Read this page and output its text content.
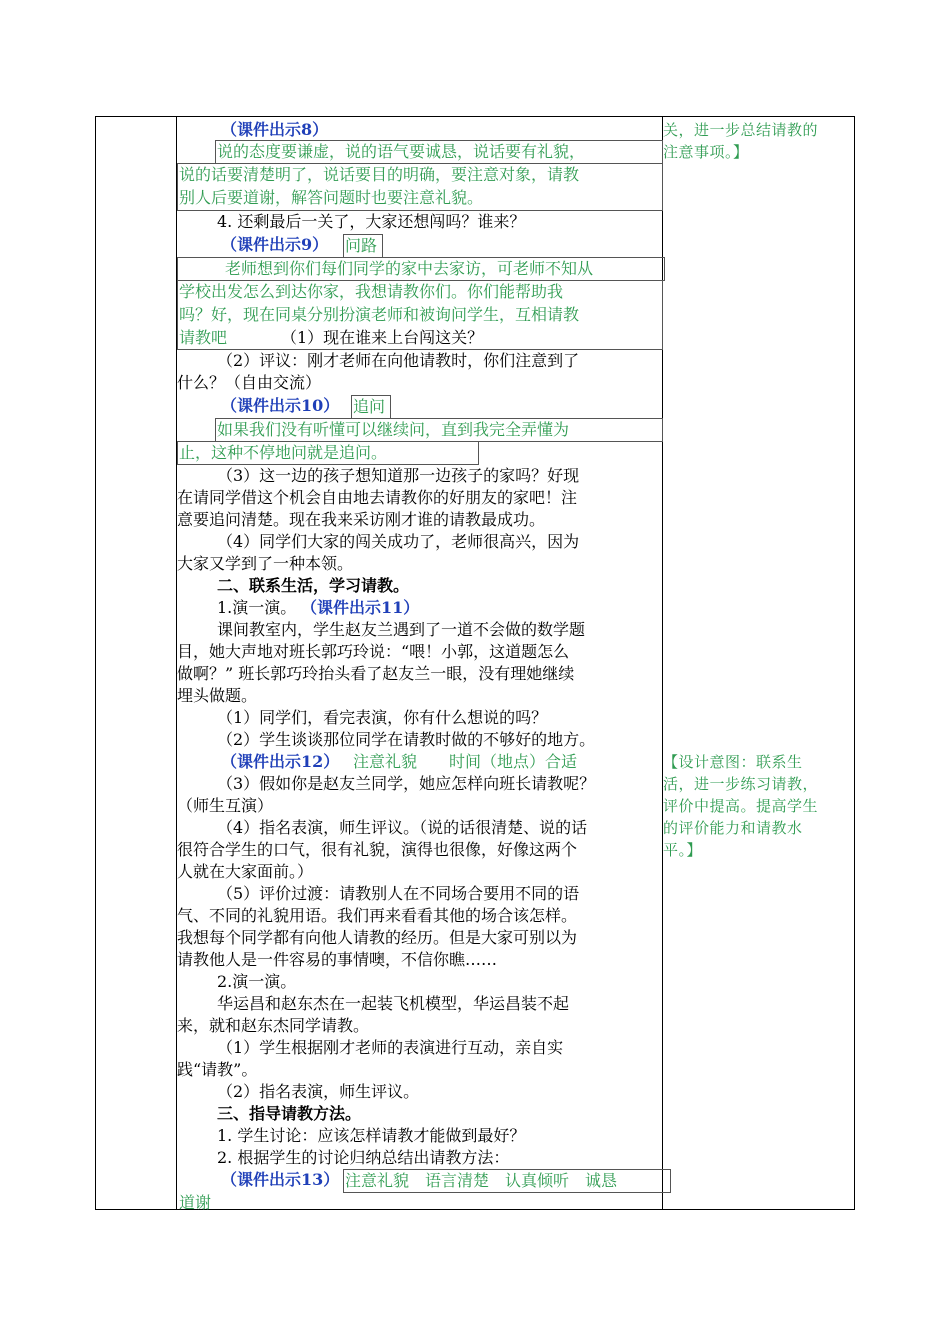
（课件出示8）
说的态度要谦虚，说的语气要诚恳，说话要有礼貌，
说的话要清楚明了，说话要目的明确，要注意对象，请教
别人后要道谢，解答问题时也要注意礼貌。
4. 还剩最后一关了，大家还想闯吗？谁来？
（课件出示9） 问路
老师想到你们每们同学的家中去家访，可老师不知从
学校出发怎么到达你家，我想请教你们。你们能帮助我
吗？好，现在同桌分别扮演老师和被询问学生，互相请教
请教吧	（1）现在谁来上台闯这关？
（2）评议：刚才老师在向他请教时，你们注意到了
什么？（自由交流）
（课件出示10） 追问
如果我们没有听懂可以继续问，直到我完全弄懂为
止，这种不停地问就是追问。
（3）这一边的孩子想知道那一边孩子的家吗？好现
在请同学借这个机会自由地去请教你的好朋友的家吧！注
意要追问清楚。现在我来采访刚才谁的请教最成功。
（4）同学们大家的闯关成功了，老师很高兴，因为
大家又学到了一种本领。
二、联系生活，学习请教。
1.演一演。 （课件出示11）
课间教室内，学生赵友兰遇到了一道不会做的数学题
目，她大声地对班长郭巧玲说：“喂！小郭，这道题怎么
做啊？” 班长郭巧玲抬头看了赵友兰一眼，没有理她继续
埋头做题。
（1）同学们，看完表演，你有什么想说的吗？
（2）学生谈谈那位同学在请教时做的不够好的地方。
（课件出示12） 注意礼貌　　时间（地点）合适
（3）假如你是赵友兰同学，她应怎样向班长请教呢？
（师生互演）
（4）指名表演，师生评议。（说的话很清楚、说的话
很符合学生的口气，很有礼貌，演得也很像，好像这两个
人就在大家面前。）
（5）评价过渡：请教别人在不同场合要用不同的语
气、不同的礼貌用语。我们再来看看其他的场合该怎样。
我想每个同学都有向他人请教的经历。但是大家可别以为
请教他人是一件容易的事情噢，不信你瞧……
2.演一演。
华运昌和赵东杰在一起装飞机模型，华运昌装不起
来，就和赵东杰同学请教。
（1）学生根据刚才老师的表演进行互动，亲自实
践“请教”。
（2）指名表演，师生评议。
三、指导请教方法。
1. 学生讨论：应该怎样请教才能做到最好？
2. 根据学生的讨论归纳总结出请教方法：
（课件出示13） 注意礼貌　语言清楚　认真倾听　诚恳
道谢
关，进一步总结请教的
注意事项。】
【设计意图：联系生
活，进一步练习请教，
评价中提高。提高学生
的评价能力和请教水
平。】
